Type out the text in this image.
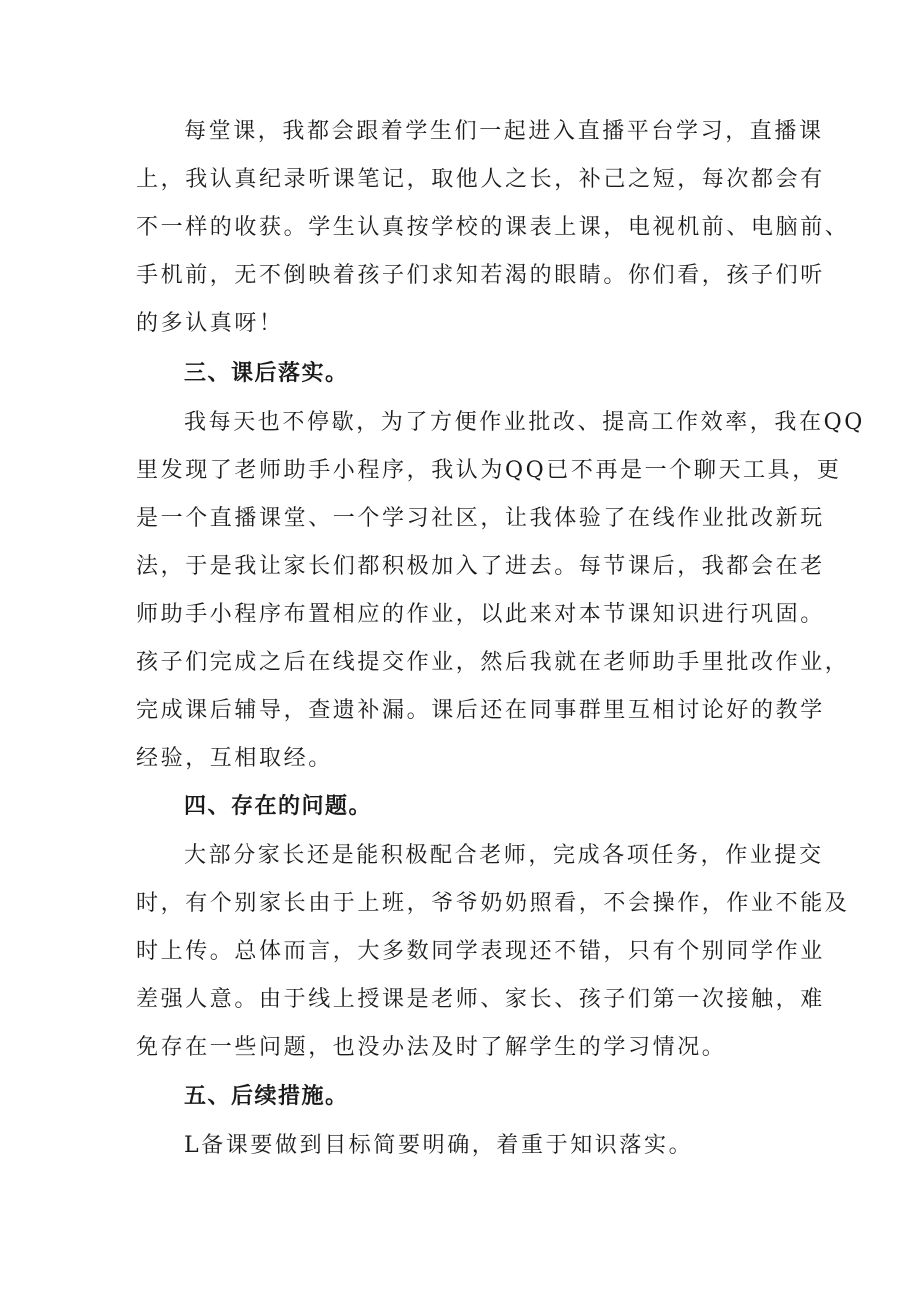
每堂课，我都会跟着学生们一起进入直播平台学习，直播课
上，我认真纪录听课笔记，取他人之长，补己之短，每次都会有
不一样的收获。学生认真按学校的课表上课，电视机前、电脑前、
手机前，无不倒映着孩子们求知若渴的眼睛。你们看，孩子们听
的多认真呀！
三、课后落实。
我每天也不停歇，为了方便作业批改、提高工作效率，我在QQ
里发现了老师助手小程序，我认为QQ已不再是一个聊天工具，更
是一个直播课堂、一个学习社区，让我体验了在线作业批改新玩
法，于是我让家长们都积极加入了进去。每节课后，我都会在老
师助手小程序布置相应的作业，以此来对本节课知识进行巩固。
孩子们完成之后在线提交作业，然后我就在老师助手里批改作业，
完成课后辅导，查遗补漏。课后还在同事群里互相讨论好的教学
经验，互相取经。
四、存在的问题。
大部分家长还是能积极配合老师，完成各项任务，作业提交
时，有个别家长由于上班，爷爷奶奶照看，不会操作，作业不能及
时上传。总体而言，大多数同学表现还不错，只有个别同学作业
差强人意。由于线上授课是老师、家长、孩子们第一次接触，难
免存在一些问题，也没办法及时了解学生的学习情况。
五、后续措施。
L备课要做到目标简要明确，着重于知识落实。
